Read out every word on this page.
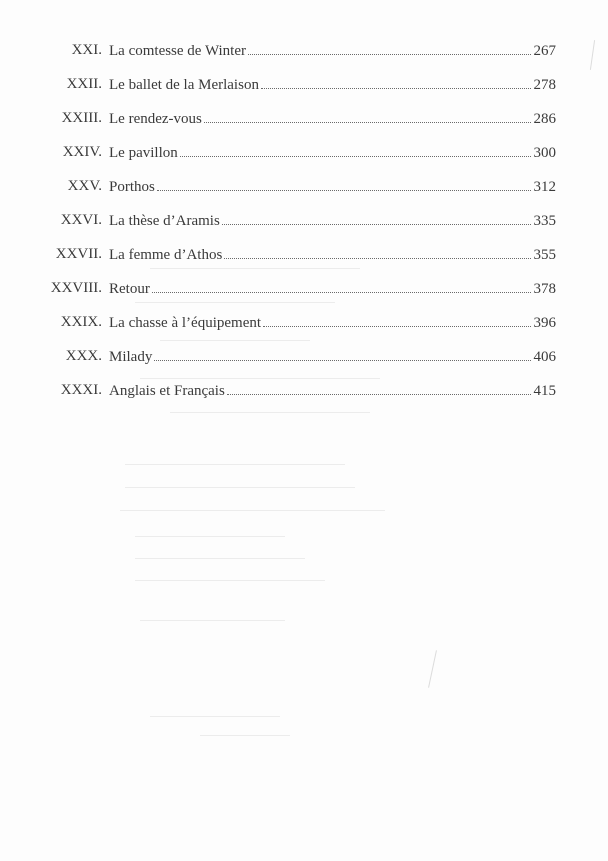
XXI. La comtesse de Winter	267
XXII. Le ballet de la Merlaison	278
XXIII. Le rendez-vous	286
XXIV. Le pavillon	300
XXV. Porthos	312
XXVI. La thèse d’Aramis	335
XXVII. La femme d’Athos	355
XXVIII. Retour	378
XXIX. La chasse à l’équipement	396
XXX. Milady	406
XXXI. Anglais et Français	415
